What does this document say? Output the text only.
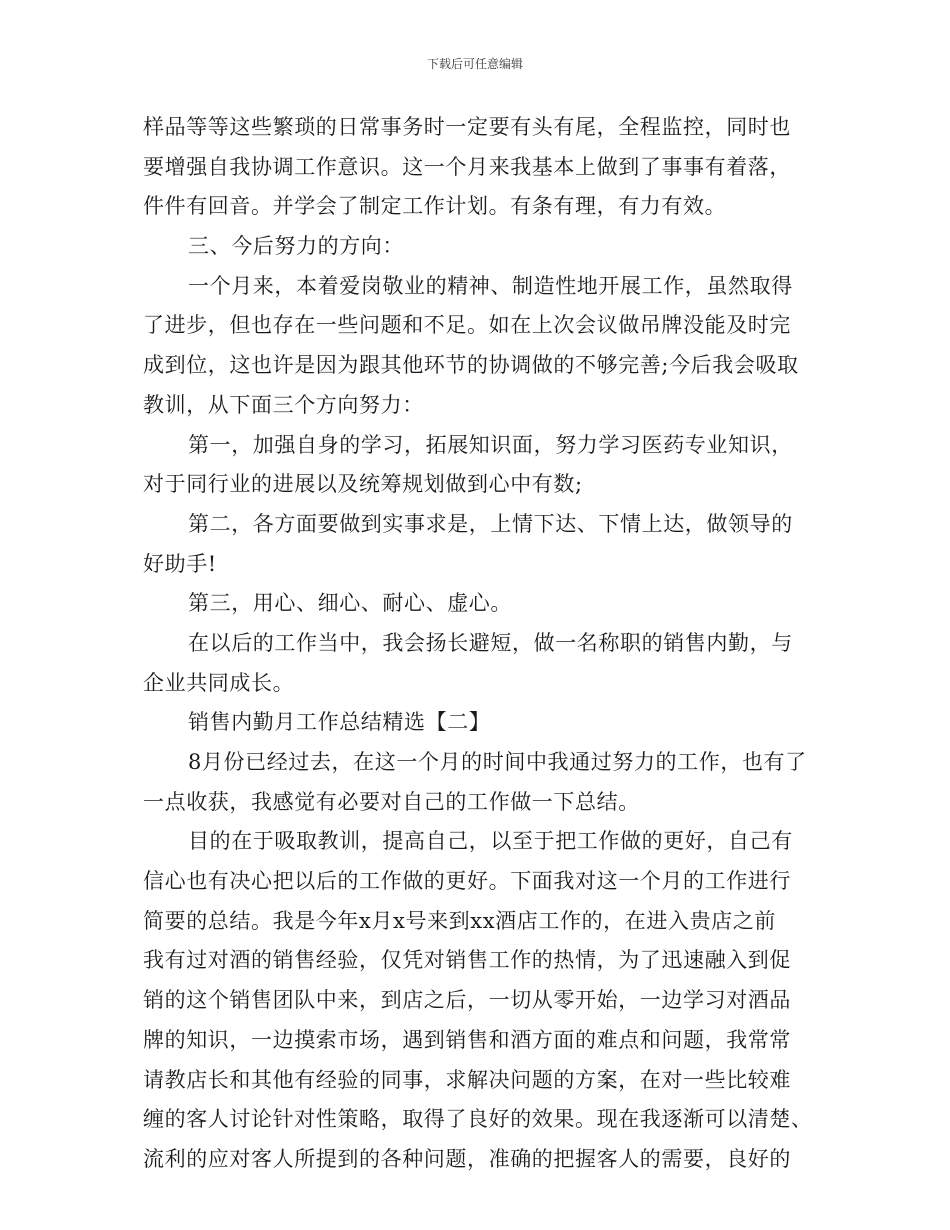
下载后可任意编辑
样品等等这些繁琐的日常事务时一定要有头有尾，全程监控，同时也
要增强自我协调工作意识。这一个月来我基本上做到了事事有着落，
件件有回音。并学会了制定工作计划。有条有理，有力有效。
三、今后努力的方向：
一个月来，本着爱岗敬业的精神、制造性地开展工作，虽然取得
了进步，但也存在一些问题和不足。如在上次会议做吊牌没能及时完
成到位，这也许是因为跟其他环节的协调做的不够完善;今后我会吸取
教训，从下面三个方向努力：
第一，加强自身的学习，拓展知识面，努力学习医药专业知识，
对于同行业的进展以及统筹规划做到心中有数;
第二，各方面要做到实事求是，上情下达、下情上达，做领导的
好助手!
第三，用心、细心、耐心、虚心。
在以后的工作当中，我会扬长避短，做一名称职的销售内勤，与
企业共同成长。
销售内勤月工作总结精选【二】
8月份已经过去，在这一个月的时间中我通过努力的工作，也有了
一点收获，我感觉有必要对自己的工作做一下总结。
目的在于吸取教训，提高自己，以至于把工作做的更好，自己有
信心也有决心把以后的工作做的更好。下面我对这一个月的工作进行
简要的总结。我是今年x月x号来到xx酒店工作的，在进入贵店之前
我有过对酒的销售经验，仅凭对销售工作的热情，为了迅速融入到促
销的这个销售团队中来，到店之后，一切从零开始，一边学习对酒品
牌的知识，一边摸索市场，遇到销售和酒方面的难点和问题，我常常
请教店长和其他有经验的同事，求解决问题的方案，在对一些比较难
缠的客人讨论针对性策略，取得了良好的效果。现在我逐渐可以清楚、
流利的应对客人所提到的各种问题，准确的把握客人的需要，良好的
